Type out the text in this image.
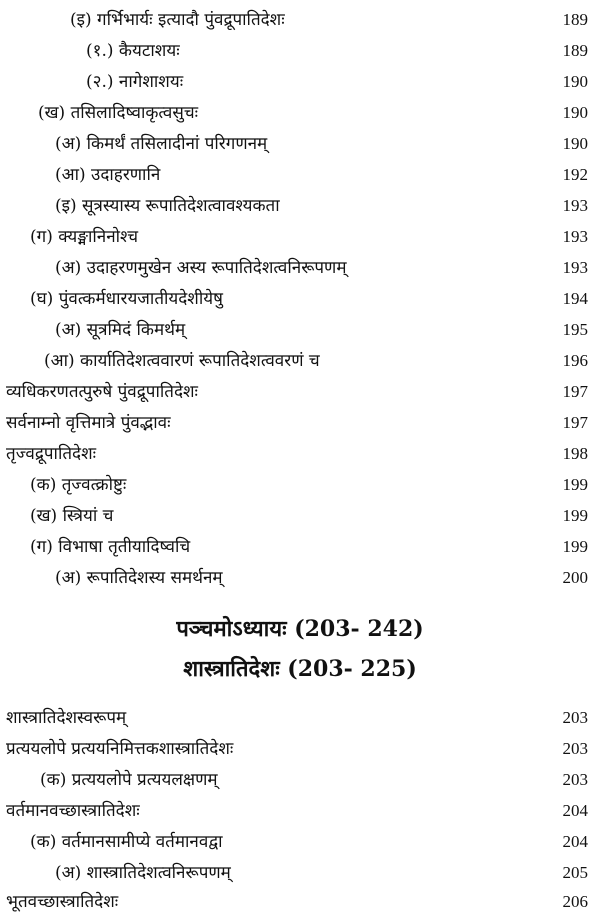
(इ) गर्भिभार्यः इत्यादौ पुंवद्रूपातिदेशः	189
(१.) कैयटाशयः	189
(२.) नागेशाशयः	190
(ख) तसिलादिष्वाकृत्वसुचः	190
(अ) किमर्थं तसिलादीनां परिगणनम्	190
(आ) उदाहरणानि	192
(इ) सूत्रस्यास्य रूपातिदेशत्वावश्यकता	193
(ग) क्यङ्मानिनोश्च	193
(अ) उदाहरणमुखेन अस्य रूपातिदेशत्वनिरूपणम्	193
(घ) पुंवत्कर्मधारयजातीयदेशीयेषु	194
(अ) सूत्रमिदं किमर्थम्	195
(आ) कार्यातिदेशत्ववारणं रूपातिदेशत्ववरणं च	196
व्यधिकरणतत्पुरुषे पुंवद्रूपातिदेशः	197
सर्वनाम्नो वृत्तिमात्रे पुंवद्भावः	197
तृज्वद्रूपातिदेशः	198
(क) तृज्वत्क्रोष्टुः	199
(ख) स्त्रियां च	199
(ग) विभाषा तृतीयादिष्वचि	199
(अ) रूपातिदेशस्य समर्थनम्	200
पञ्चमोऽध्यायः (203- 242)
शास्त्रातिदेशः (203- 225)
शास्त्रातिदेशस्वरूपम्	203
प्रत्ययलोपे प्रत्ययनिमित्तकशास्त्रातिदेशः	203
(क) प्रत्ययलोपे प्रत्ययलक्षणम्	203
वर्तमानवच्छास्त्रातिदेशः	204
(क) वर्तमानसामीप्ये वर्तमानवद्वा	204
(अ) शास्त्रातिदेशत्वनिरूपणम्	205
भूतवच्छास्त्रातिदेशः	206
